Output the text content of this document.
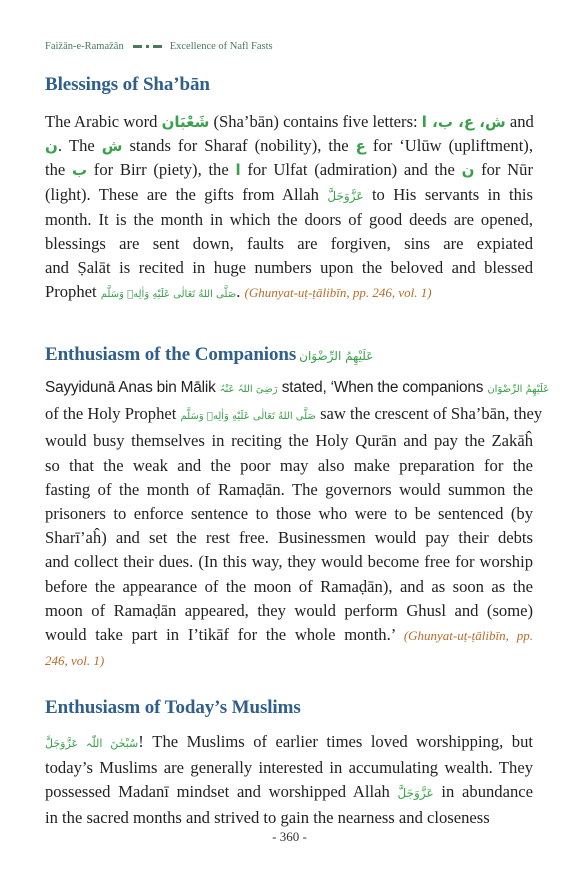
Faiz̄ān-e-Ramaz̄ān	Excellence of Nafl Fasts
Blessings of Sha’bān
The Arabic word شَعْبَان (Sha’bān) contains five letters: ش، ع، ب، ا and
ن. The ش stands for Sharaf (nobility), the ع for ‘Ulūw (upliftment),
the ب for Birr (piety), the ا for Ulfat (admiration) and the ن for Nūr
(light). These are the gifts from Allah عَزَّوَجَلَّ to His servants in this
month. It is the month in which the doors of good deeds are opened,
blessings are sent down, faults are forgiven, sins are expiated
and Ṣalāt is recited in huge numbers upon the beloved and blessed
Prophet صَلَّى اللهُ تَعَالٰى عَلَيْهِ وَاٰلِهٖ وَسَلَّم. (Ghunyat-uṭ-ṭālibīn, pp. 246, vol. 1)
Enthusiasm of the Companions عَلَيْهِمُ الرِّضْوَان
Sayyidunā Anas bin Mālik رَضِیَ اللہُ عَنْہُ stated, ‘When the companions عَلَيْهِمُ الرِّضْوَان
of the Holy Prophet صَلَّى اللهُ تَعَالٰى عَلَيْهِ وَاٰلِهٖ وَسَلَّم saw the crescent of Sha’bān, they
would busy themselves in reciting the Holy Qurān and pay the Zakāĥ
so that the weak and the poor may also make preparation for the
fasting of the month of Ramaḍān. The governors would summon the
prisoners to enforce sentence to those who were to be sentenced (by
Sharī’aĥ) and set the rest free. Businessmen would pay their debts
and collect their dues. (In this way, they would become free for worship
before the appearance of the moon of Ramaḍān), and as soon as the
moon of Ramaḍān appeared, they would perform Ghusl and (some)
would take part in I’tikāf for the whole month.’ (Ghunyat-uṭ-ṭālibīn, pp.
246, vol. 1)
Enthusiasm of Today’s Muslims
سُبْحٰنَ اللّٰہ عَزَّوَجَلَّ! The Muslims of earlier times loved worshipping, but
today’s Muslims are generally interested in accumulating wealth. They
possessed Madanī mindset and worshipped Allah عَزَّوَجَلَّ in abundance
in the sacred months and strived to gain the nearness and closeness
- 360 -
